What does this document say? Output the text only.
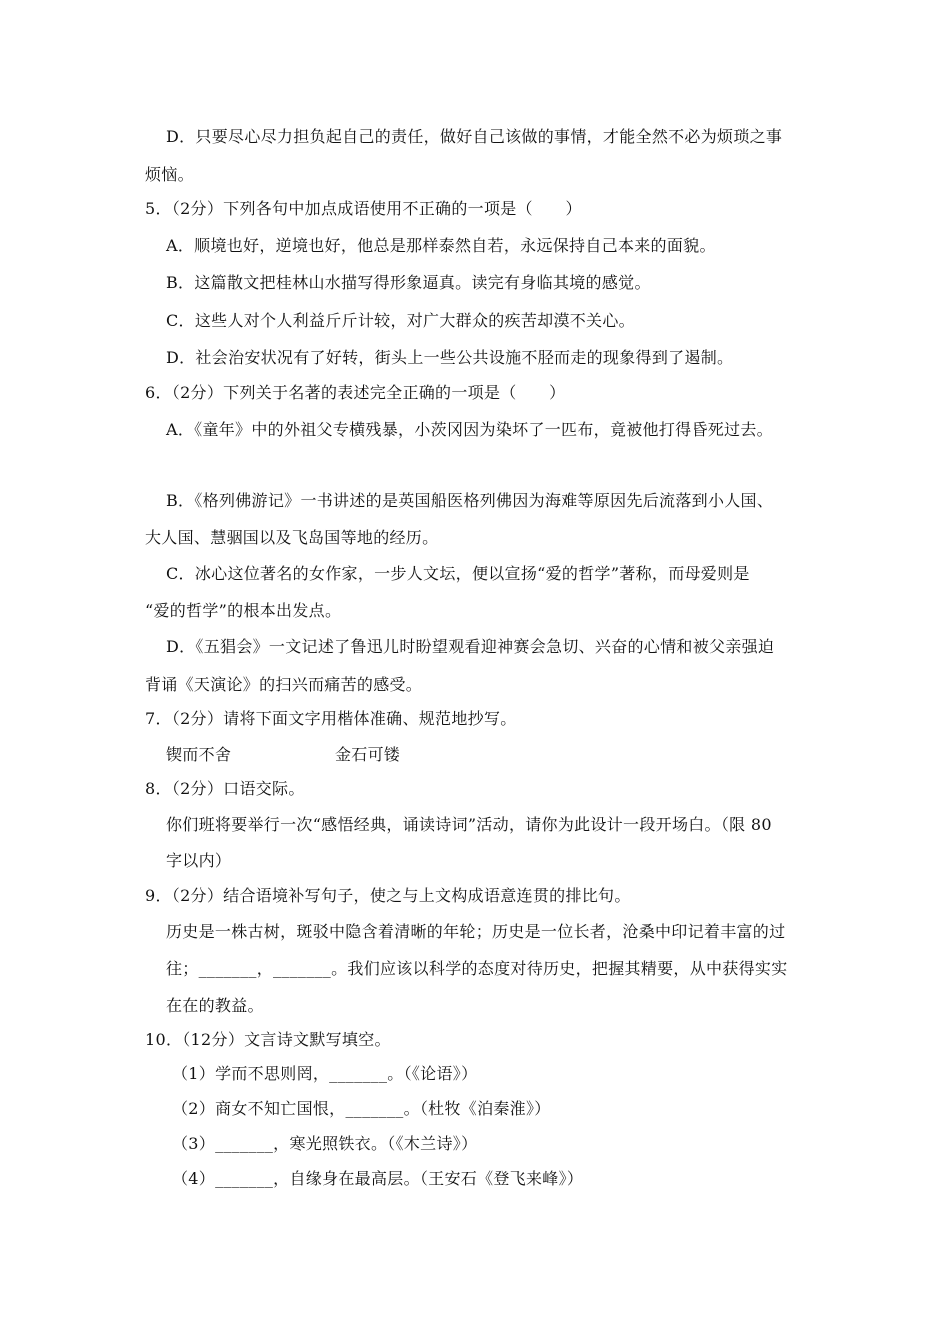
D．只要尽心尽力担负起自己的责任，做好自己该做的事情，才能全然不必为烦琐之事
烦恼。
5．（2分）下列各句中加点成语使用不正确的一项是（　　）
A．顺境也好，逆境也好，他总是那样泰然自若，永远保持自己本来的面貌。
B．这篇散文把桂林山水描写得形象逼真。读完有身临其境的感觉。
C．这些人对个人利益斤斤计较，对广大群众的疾苦却漠不关心。
D．社会治安状况有了好转，街头上一些公共设施不胫而走的现象得到了遏制。
6．（2分）下列关于名著的表述完全正确的一项是（　　）
A．《童年》中的外祖父专横残暴，小茨冈因为染坏了一匹布，竟被他打得昏死过去。
B．《格列佛游记》一书讲述的是英国船医格列佛因为海难等原因先后流落到小人国、
大人国、慧骃国以及飞岛国等地的经历。
C．冰心这位著名的女作家，一步人文坛，便以宣扬“爱的哲学”著称，而母爱则是
“爱的哲学”的根本出发点。
D．《五猖会》一文记述了鲁迅儿时盼望观看迎神赛会急切、兴奋的心情和被父亲强迫
背诵《天演论》的扫兴而痛苦的感受。
7．（2分）请将下面文字用楷体准确、规范地抄写。
锲而不舍	金石可镂
8．（2分）口语交际。
你们班将要举行一次“感悟经典，诵读诗词”活动，请你为此设计一段开场白。（限 80
字以内）
9．（2分）结合语境补写句子，使之与上文构成语意连贯的排比句。
历史是一株古树，斑驳中隐含着清晰的年轮；历史是一位长者，沧桑中印记着丰富的过
往；_______，_______。我们应该以科学的态度对待历史，把握其精要，从中获得实实
在在的教益。
10．（12分）文言诗文默写填空。
（1）学而不思则罔，_______。（《论语》）
（2）商女不知亡国恨，_______。（杜牧《泊秦淮》）
（3）_______，寒光照铁衣。（《木兰诗》）
（4）_______，自缘身在最高层。（王安石《登飞来峰》）
